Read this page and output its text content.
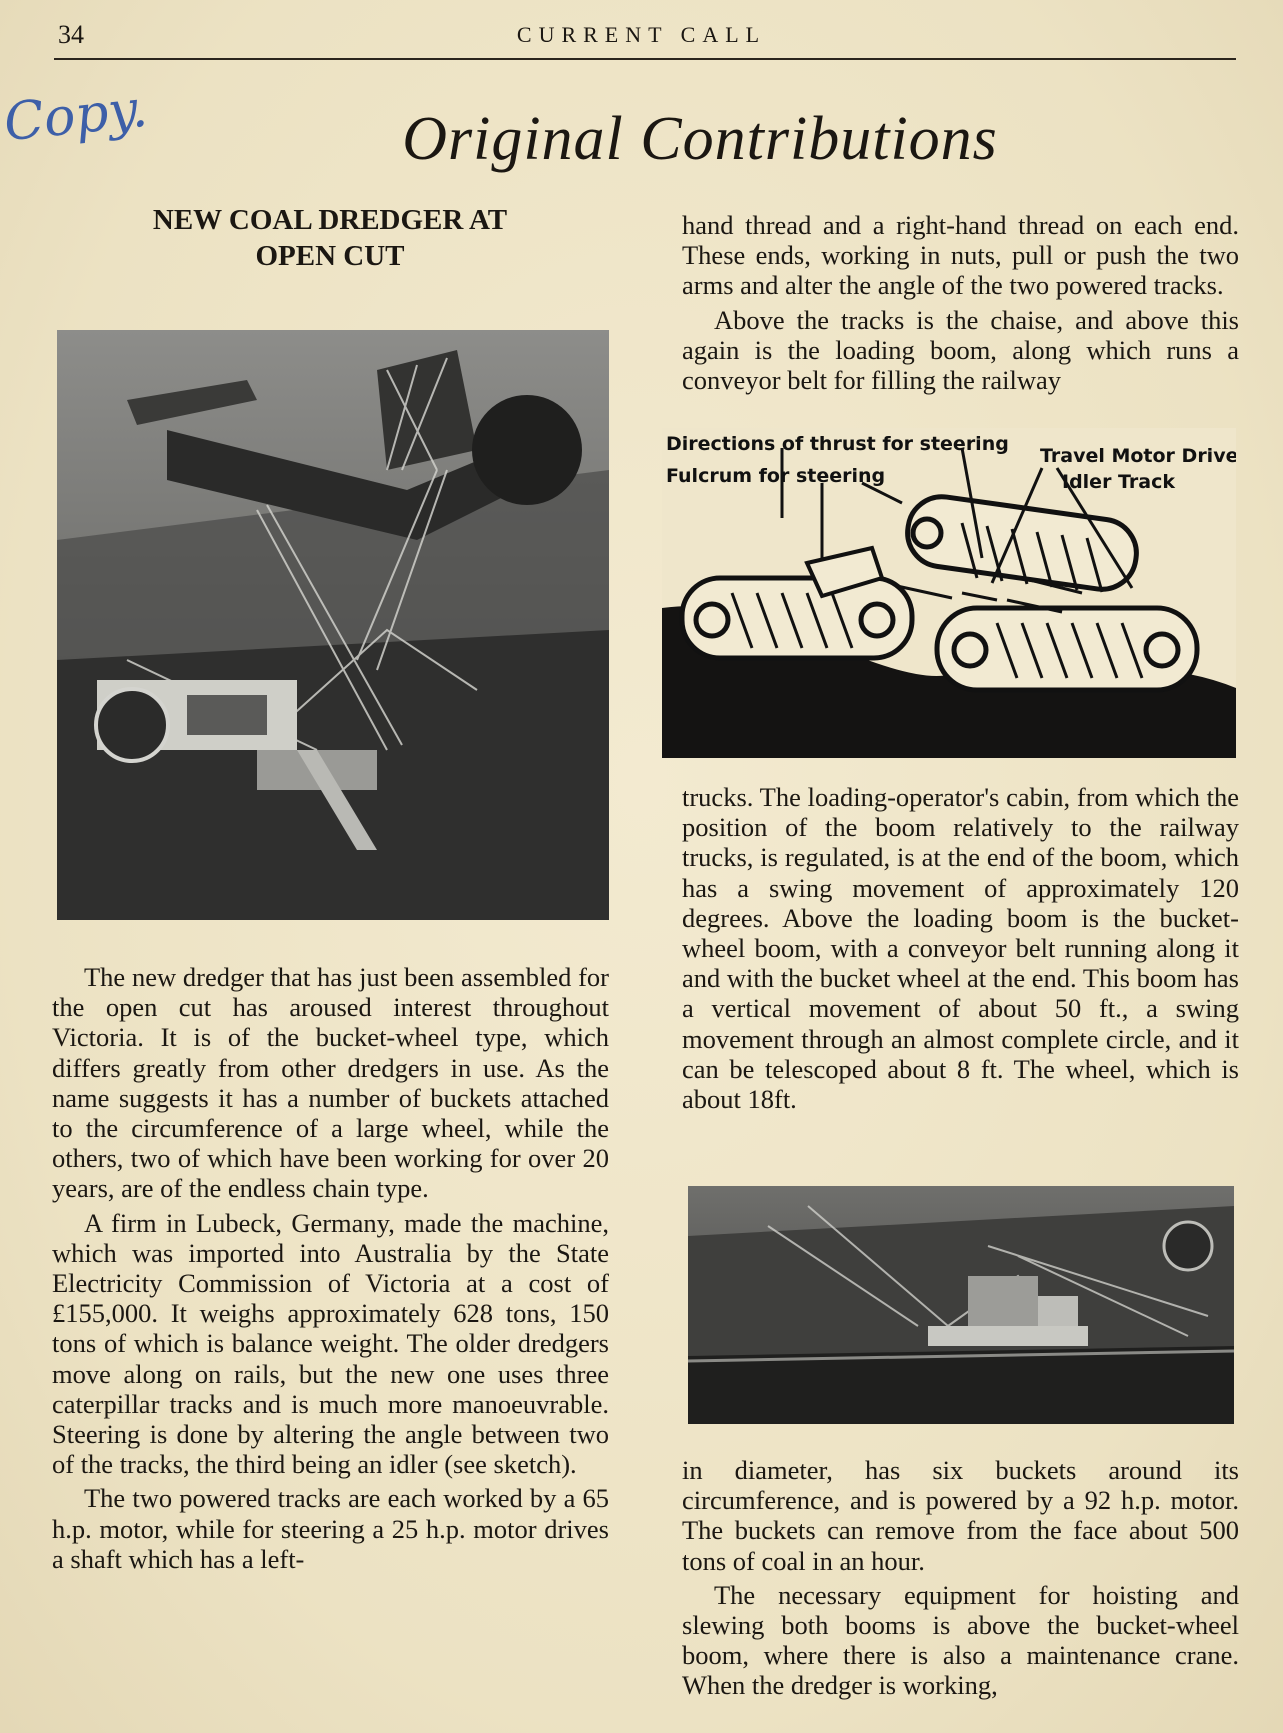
34	CURRENT CALL
Copy.	Original Contributions
NEW COAL DREDGER AT
OPEN CUT

The new dredger that has just been assembled for the open cut has aroused interest throughout Victoria. It is of the bucket-wheel type, which differs greatly from other dredgers in use. As the name suggests it has a number of buckets attached to the circumference of a large wheel, while the others, two of which have been working for over 20 years, are of the endless chain type.

A firm in Lubeck, Germany, made the machine, which was imported into Australia by the State Electricity Commission of Victoria at a cost of £155,000. It weighs approximately 628 tons, 150 tons of which is balance weight. The older dredgers move along on rails, but the new one uses three caterpillar tracks and is much more manoeuvrable. Steering is done by altering the angle between two of the tracks, the third being an idler (see sketch).

The two powered tracks are each worked by a 65 h.p. motor, while for steering a 25 h.p. motor drives a shaft which has a left-

hand thread and a right-hand thread on each end. These ends, working in nuts, pull or push the two arms and alter the angle of the two powered tracks.

Above the tracks is the chaise, and above this again is the loading boom, along which runs a conveyor belt for filling the railway

Directions of thrust for steering
Fulcrum for steering
Travel Motor Drive
Idler Track

trucks. The loading-operator's cabin, from which the position of the boom relatively to the railway trucks, is regulated, is at the end of the boom, which has a swing movement of approximately 120 degrees. Above the loading boom is the bucket-wheel boom, with a conveyor belt running along it and with the bucket wheel at the end. This boom has a vertical movement of about 50 ft., a swing movement through an almost complete circle, and it can be telescoped about 8 ft. The wheel, which is about 18ft.

in diameter, has six buckets around its circumference, and is powered by a 92 h.p. motor. The buckets can remove from the face about 500 tons of coal in an hour.

The necessary equipment for hoisting and slewing both booms is above the bucket-wheel boom, where there is also a maintenance crane. When the dredger is working,
